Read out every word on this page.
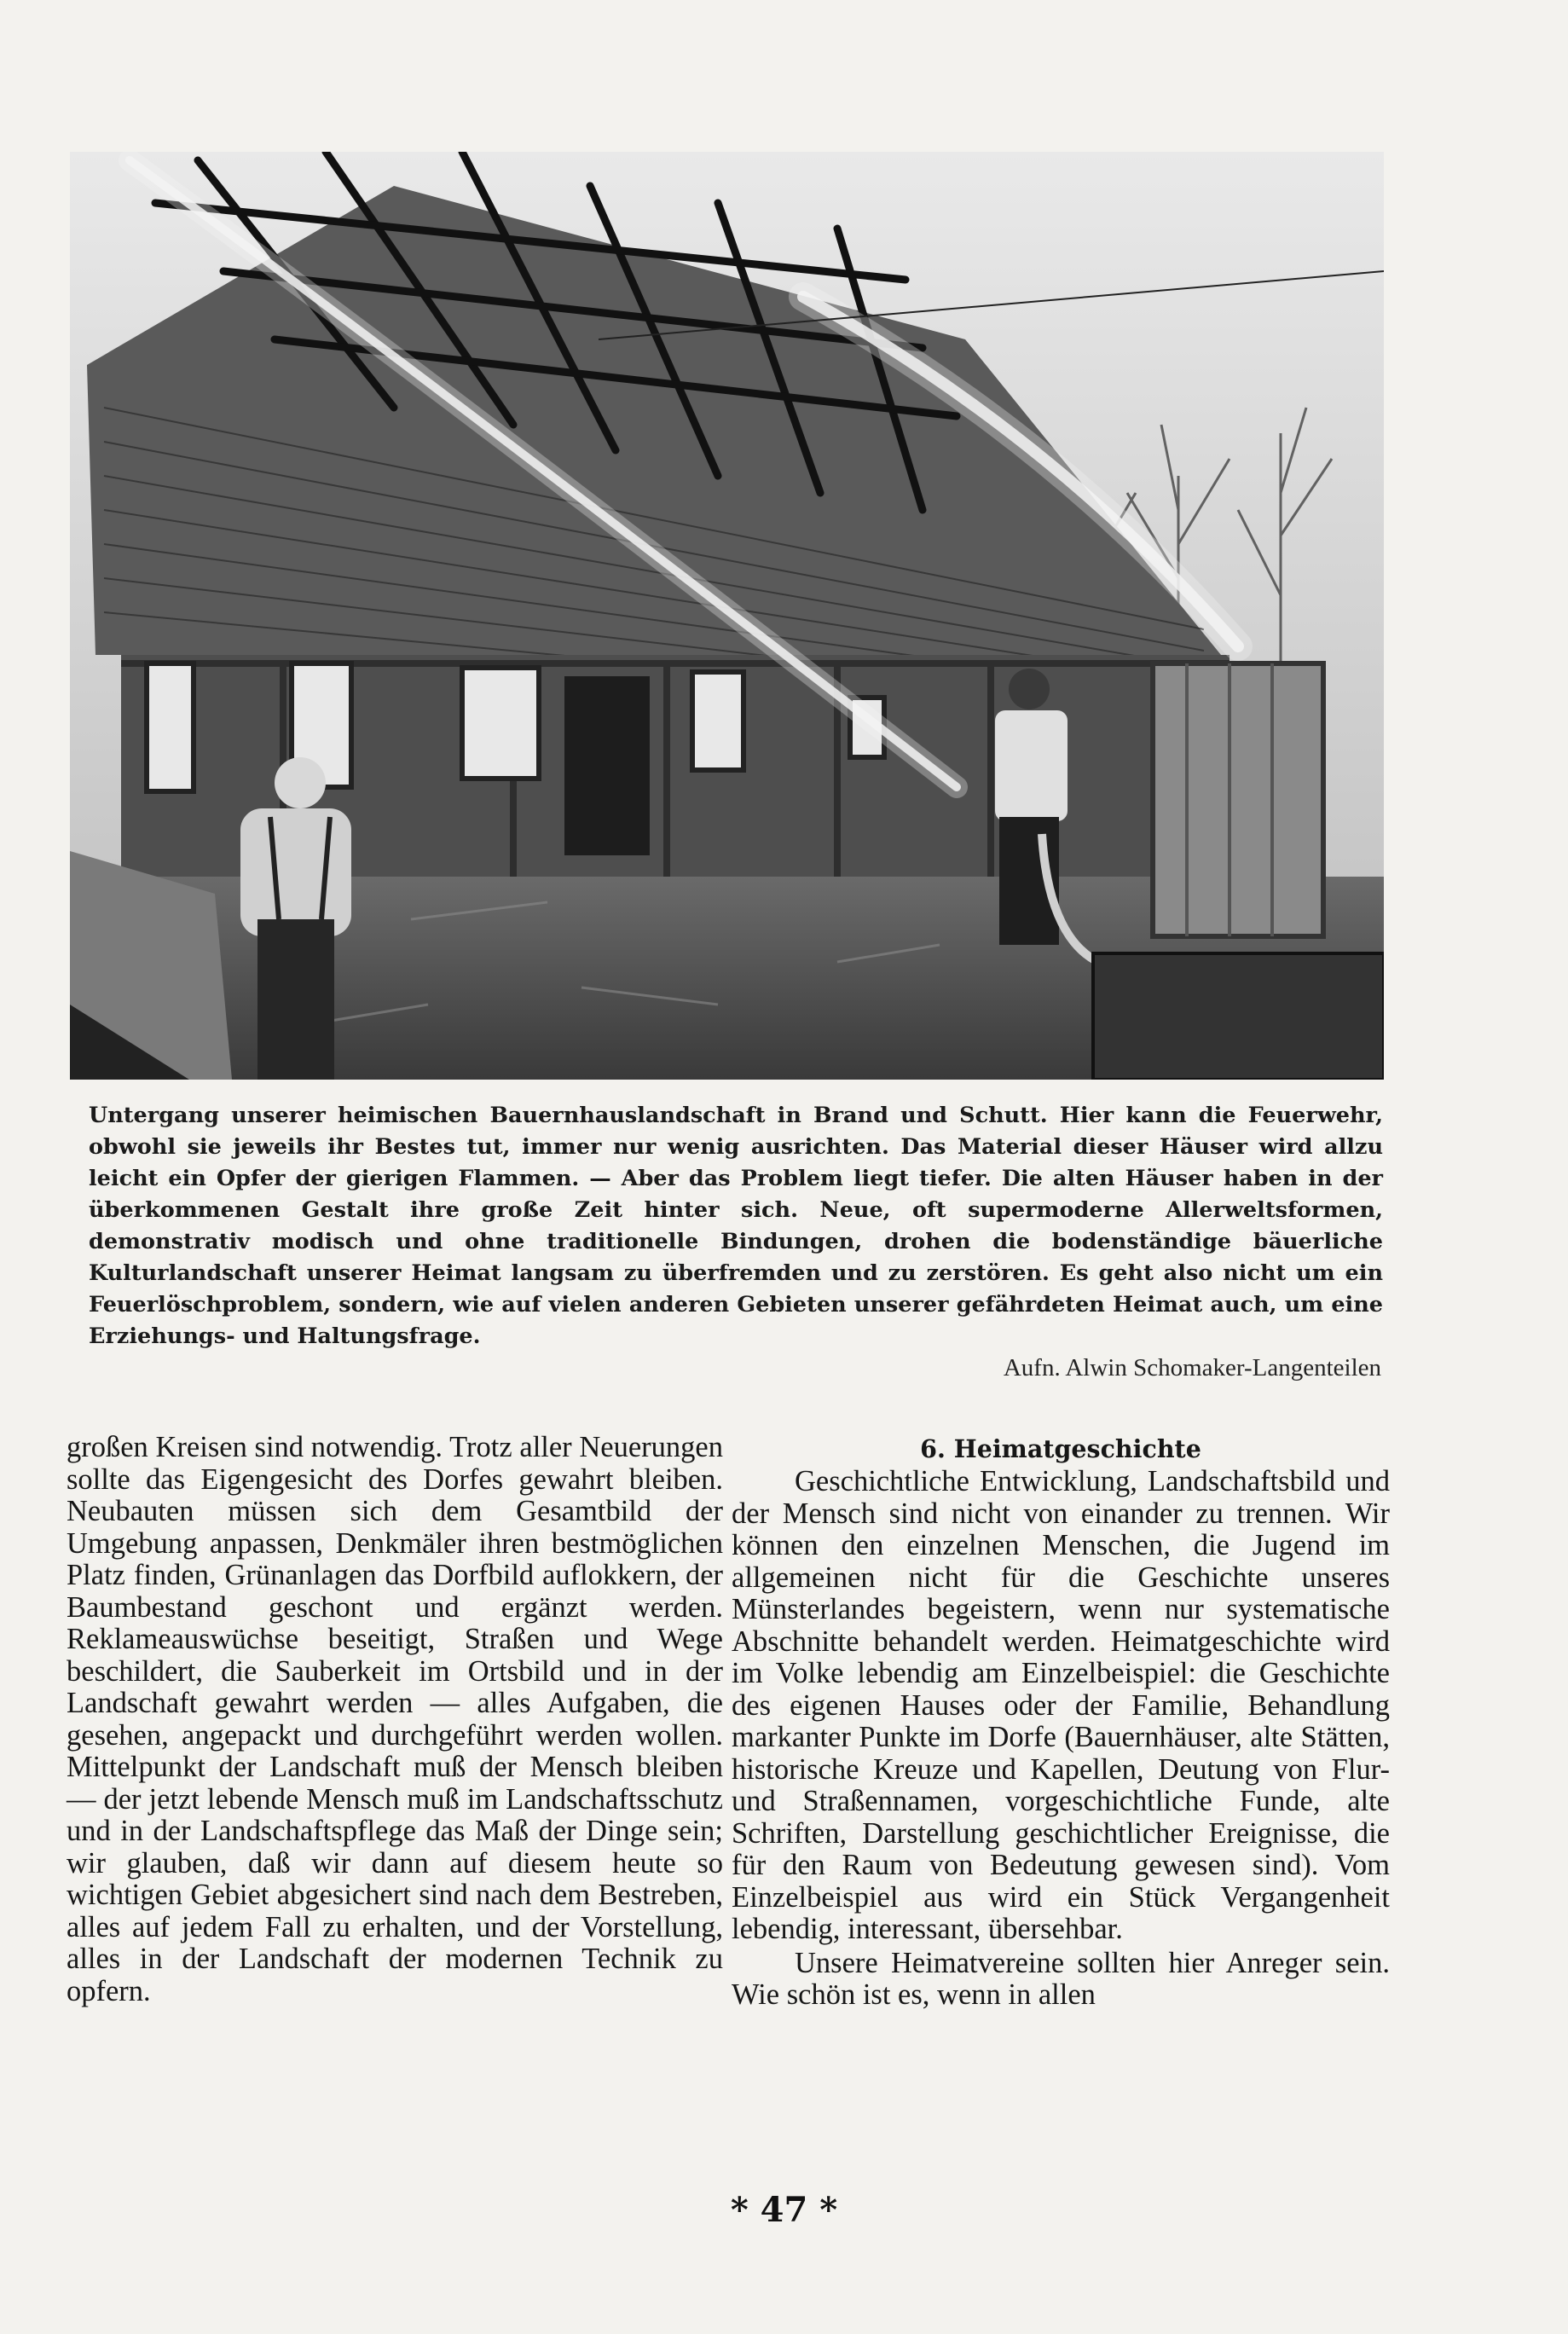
Untergang unserer heimischen Bauernhauslandschaft in Brand und Schutt. Hier kann die Feuerwehr, obwohl sie jeweils ihr Bestes tut, immer nur wenig ausrichten. Das Material dieser Häuser wird allzu leicht ein Opfer der gierigen Flammen. — Aber das Problem liegt tiefer. Die alten Häuser haben in der überkommenen Gestalt ihre große Zeit hinter sich. Neue, oft supermoderne Allerweltsformen, demonstrativ modisch und ohne traditionelle Bindungen, drohen die bodenständige bäuerliche Kulturlandschaft unserer Heimat langsam zu überfremden und zu zerstören. Es geht also nicht um ein Feuerlöschproblem, sondern, wie auf vielen anderen Gebieten unserer gefährdeten Heimat auch, um eine Erziehungs- und Haltungsfrage.
Aufn. Alwin Schomaker-Langenteilen

großen Kreisen sind notwendig. Trotz aller Neuerungen sollte das Eigengesicht des Dorfes gewahrt bleiben. Neubauten müssen sich dem Gesamtbild der Umgebung anpassen, Denkmäler ihren bestmöglichen Platz finden, Grünanlagen das Dorfbild auflokkern, der Baumbestand geschont und ergänzt werden. Reklameauswüchse beseitigt, Straßen und Wege beschildert, die Sauberkeit im Ortsbild und in der Landschaft gewahrt werden — alles Aufgaben, die gesehen, angepackt und durchgeführt werden wollen. Mittelpunkt der Landschaft muß der Mensch bleiben — der jetzt lebende Mensch muß im Landschaftsschutz und in der Landschaftspflege das Maß der Dinge sein; wir glauben, daß wir dann auf diesem heute so wichtigen Gebiet abgesichert sind nach dem Bestreben, alles auf jedem Fall zu erhalten, und der Vorstellung, alles in der Landschaft der modernen Technik zu opfern.

6. Heimatgeschichte

Geschichtliche Entwicklung, Landschaftsbild und der Mensch sind nicht von einander zu trennen. Wir können den einzelnen Menschen, die Jugend im allgemeinen nicht für die Geschichte unseres Münsterlandes begeistern, wenn nur systematische Abschnitte behandelt werden. Heimatgeschichte wird im Volke lebendig am Einzelbeispiel: die Geschichte des eigenen Hauses oder der Familie, Behandlung markanter Punkte im Dorfe (Bauernhäuser, alte Stätten, historische Kreuze und Kapellen, Deutung von Flur- und Straßennamen, vorgeschichtliche Funde, alte Schriften, Darstellung geschichtlicher Ereignisse, die für den Raum von Bedeutung gewesen sind). Vom Einzelbeispiel aus wird ein Stück Vergangenheit lebendig, interessant, übersehbar.

Unsere Heimatvereine sollten hier Anreger sein. Wie schön ist es, wenn in allen

* 47 *
